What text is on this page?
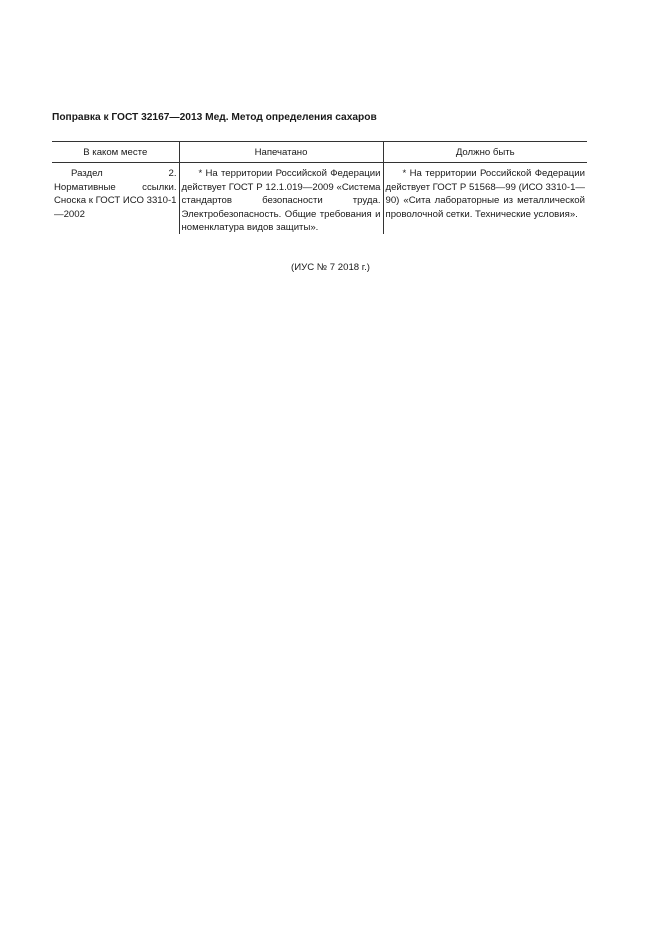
Поправка к ГОСТ 32167—2013 Мед. Метод определения сахаров
В каком месте	Напечатано	Должно быть
Раздел 2. Нормативные ссылки. Сноска к ГОСТ ИСО 3310-1—2002	* На территории Российской Федерации действует ГОСТ Р 12.1.019—2009 «Система стандартов безопасности труда. Электробезопасность. Общие требования и номенклатура видов защиты».	* На территории Российской Федерации действует ГОСТ Р 51568—99 (ИСО 3310-1—90) «Сита лабораторные из металлической проволочной сетки. Технические условия».
(ИУС № 7 2018 г.)
